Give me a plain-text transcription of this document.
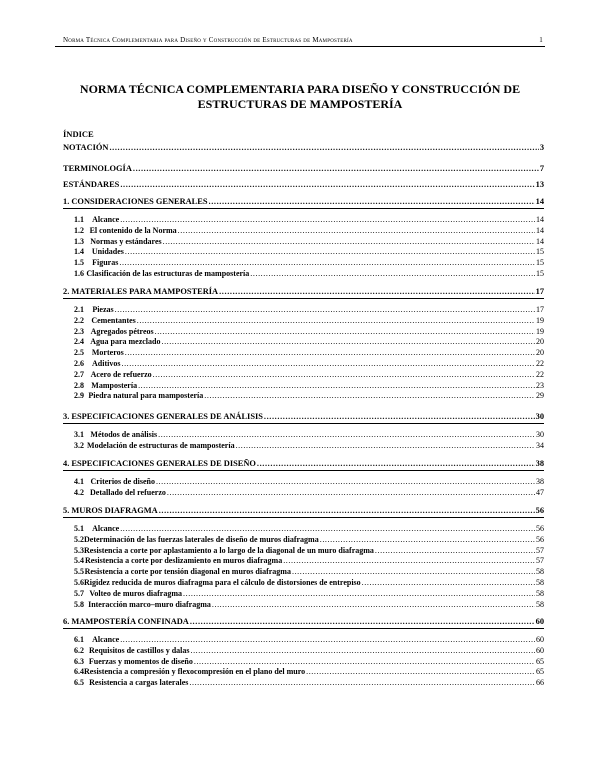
Norma Técnica Complementaria para Diseño y Construcción de Estructuras de Mampostería	1
NORMA TÉCNICA COMPLEMENTARIA PARA DISEÑO Y CONSTRUCCIÓN DE
ESTRUCTURAS DE MAMPOSTERÍA
ÍNDICE
NOTACIÓN .....	3
TERMINOLOGÍA .....	7
ESTÁNDARES .....	13
1. CONSIDERACIONES GENERALES .....	14
1.1	Alcance .....	14
1.2 El contenido de la Norma .....	14
1.3 Normas y estándares .....	14
1.4 Unidades .....	15
1.5	Figuras .....	15
1.6 Clasificación de las estructuras de mampostería .....	15
2. MATERIALES PARA MAMPOSTERÍA .....	17
2.1	Piezas .....	17
2.2 Cementantes .....	19
2.3 Agregados pétreos .....	19
2.4 Agua para mezclado .....	20
2.5 Morteros .....	20
2.6	Aditivos .....	22
2.7 Acero de refuerzo .....	22
2.8 Mampostería .....	23
2.9 Piedra natural para mampostería .....	29
3. ESPECIFICACIONES GENERALES DE ANÁLISIS .....	30
3.1 Métodos de análisis .....	30
3.2 Modelación de estructuras de mampostería .....	34
4. ESPECIFICACIONES GENERALES DE DISEÑO .....	38
4.1 Criterios de diseño .....	38
4.2 Detallado del refuerzo .....	47
5. MUROS DIAFRAGMA .....	56
5.1	Alcance .....	56
5.2 Determinación de las fuerzas laterales de diseño de muros diafragma .....	56
5.3 Resistencia a corte por aplastamiento a lo largo de la diagonal de un muro diafragma .....	57
5.4 Resistencia a corte por deslizamiento en muros diafragma .....	57
5.5 Resistencia a corte por tensión diagonal en muros diafragma .....	58
5.6 Rigidez reducida de muros diafragma para el cálculo de distorsiones de entrepiso .....	58
5.7 Volteo de muros diafragma .....	58
5.8 Interacción marco–muro diafragma .....	58
6. MAMPOSTERÍA CONFINADA .....	60
6.1	Alcance .....	60
6.2 Requisitos de castillos y dalas .....	60
6.3 Fuerzas y momentos de diseño .....	65
6.4 Resistencia a compresión y flexocompresión en el plano del muro .....	65
6.5 Resistencia a cargas laterales .....	66
